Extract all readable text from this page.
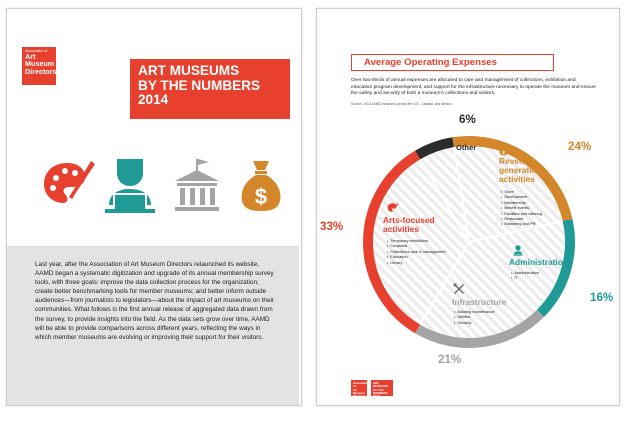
Association of
Art
Museum
Directors	ART MUSEUMS
BY THE NUMBERS
2014
$

Last year, after the Association of Art Museum Directors relaunched its website, AAMD began a systematic digitization and upgrade of its annual membership survey tools, with three goals: improve the data collection process for the organization; create better benchmarking tools for member museums; and better inform outside audiences—from journalists to legislators—about the impact of art museums on their communities. What follows is the first annual release of aggregated data drawn from the survey, to provide insights into the field. As the data sets grow over time, AAMD will be able to provide comparisons across different years, reflecting the ways in which member museums are evolving or improving their support for their visitors.

Average Operating Expenses

Over two-thirds of annual expenses are allocated to care and management of collections, exhibition and education program development, and support for the infrastructure necessary to operate the museum and ensure the safety and security of both a museum's collections and visitors.

Source: 2013 AAMD museums across the U.S., Canada, and Mexico

6%
24%
16%
21%
33%
Other
$
Revenue-
generating
activities
• Store
• Development
• Membership
• Benefit events
• Facilities and catering
• Restaurant
• Marketing and PR
Administration
• Administration
• IT
Infrastructure
• Building maintenance
• Utilities
• Security
Arts-focused
activities
• Temporary exhibitions
• Curatorial
• Collections care & management
• Education
• Library
Association of
Art Museum
Directors
ART MUSEUMS
BY THE NUMBERS
2014
